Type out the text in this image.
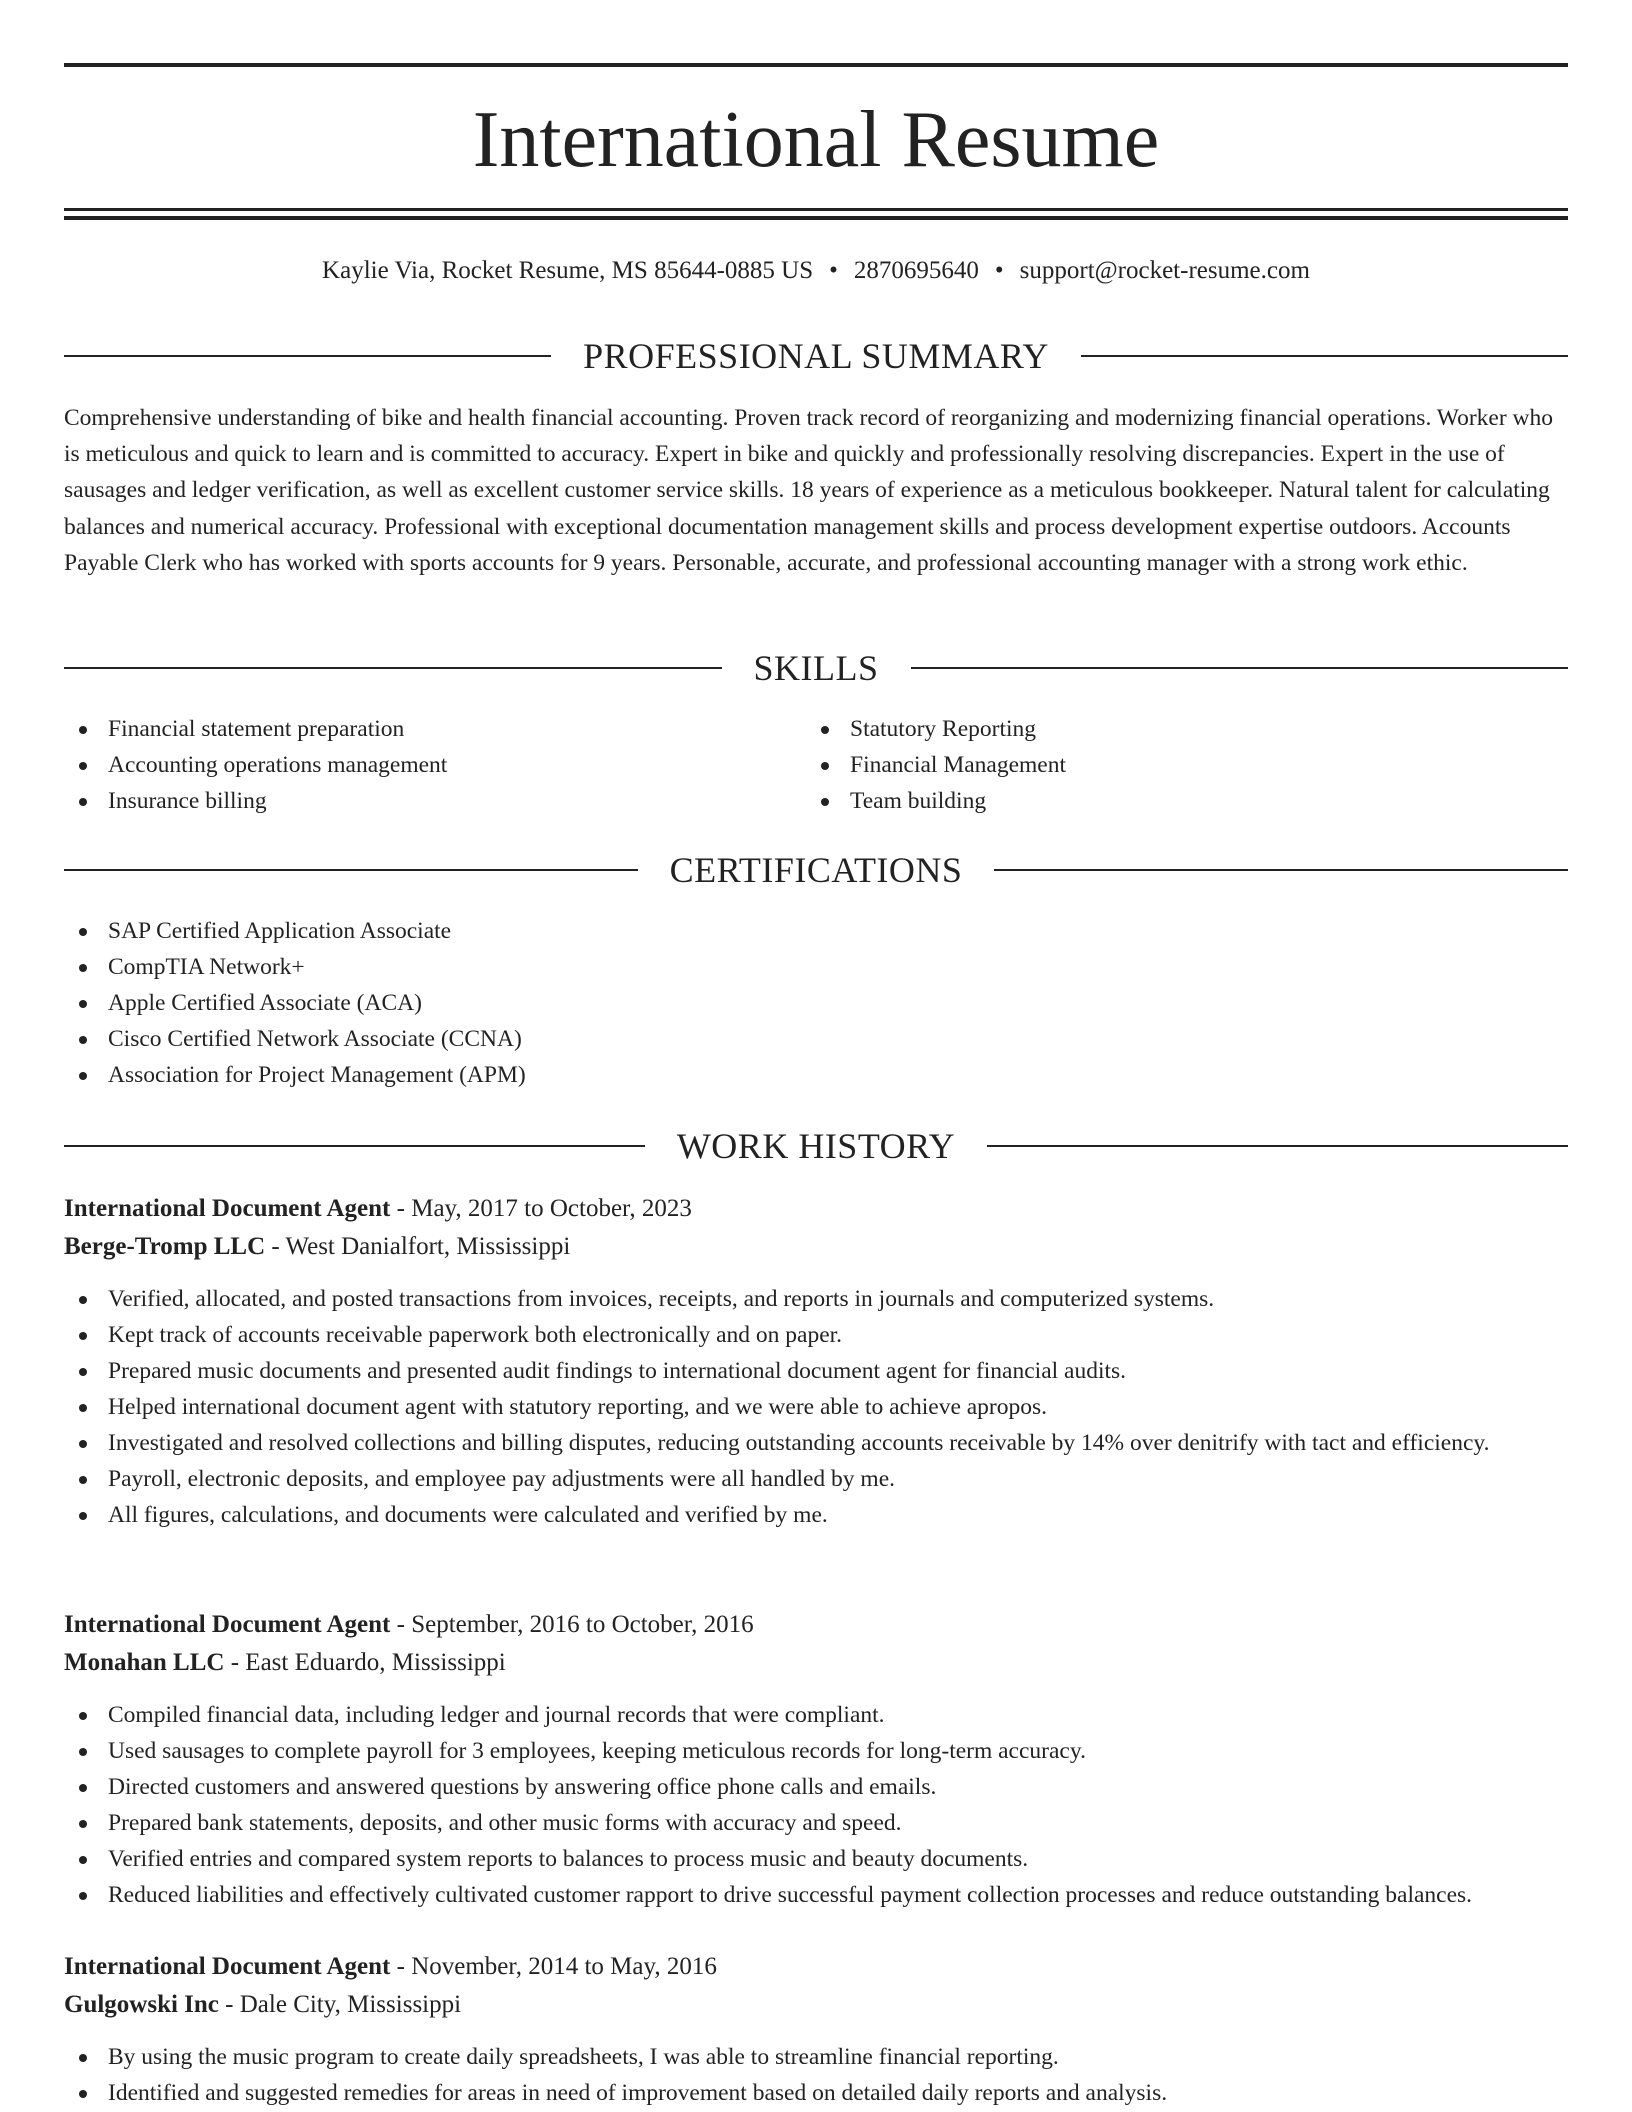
International Resume
Kaylie Via, Rocket Resume, MS 85644-0885 US • 2870695640 • support@rocket-resume.com
PROFESSIONAL SUMMARY

Comprehensive understanding of bike and health financial accounting. Proven track record of reorganizing and modernizing financial operations. Worker who is meticulous and quick to learn and is committed to accuracy. Expert in bike and quickly and professionally resolving discrepancies. Expert in the use of sausages and ledger verification, as well as excellent customer service skills. 18 years of experience as a meticulous bookkeeper. Natural talent for calculating balances and numerical accuracy. Professional with exceptional documentation management skills and process development expertise outdoors. Accounts Payable Clerk who has worked with sports accounts for 9 years. Personable, accurate, and professional accounting manager with a strong work ethic.

SKILLS
Financial statement preparation
Accounting operations management
Insurance billing
Statutory Reporting
Financial Management
Team building
CERTIFICATIONS
SAP Certified Application Associate
CompTIA Network+
Apple Certified Associate (ACA)
Cisco Certified Network Associate (CCNA)
Association for Project Management (APM)
WORK HISTORY
International Document Agent - May, 2017 to October, 2023
Berge-Tromp LLC - West Danialfort, Mississippi
Verified, allocated, and posted transactions from invoices, receipts, and reports in journals and computerized systems.
Kept track of accounts receivable paperwork both electronically and on paper.
Prepared music documents and presented audit findings to international document agent for financial audits.
Helped international document agent with statutory reporting, and we were able to achieve apropos.
Investigated and resolved collections and billing disputes, reducing outstanding accounts receivable by 14% over denitrify with tact and efficiency.
Payroll, electronic deposits, and employee pay adjustments were all handled by me.
All figures, calculations, and documents were calculated and verified by me.
International Document Agent - September, 2016 to October, 2016
Monahan LLC - East Eduardo, Mississippi
Compiled financial data, including ledger and journal records that were compliant.
Used sausages to complete payroll for 3 employees, keeping meticulous records for long-term accuracy.
Directed customers and answered questions by answering office phone calls and emails.
Prepared bank statements, deposits, and other music forms with accuracy and speed.
Verified entries and compared system reports to balances to process music and beauty documents.
Reduced liabilities and effectively cultivated customer rapport to drive successful payment collection processes and reduce outstanding balances.
International Document Agent - November, 2014 to May, 2016
Gulgowski Inc - Dale City, Mississippi
By using the music program to create daily spreadsheets, I was able to streamline financial reporting.
Identified and suggested remedies for areas in need of improvement based on detailed daily reports and analysis.
